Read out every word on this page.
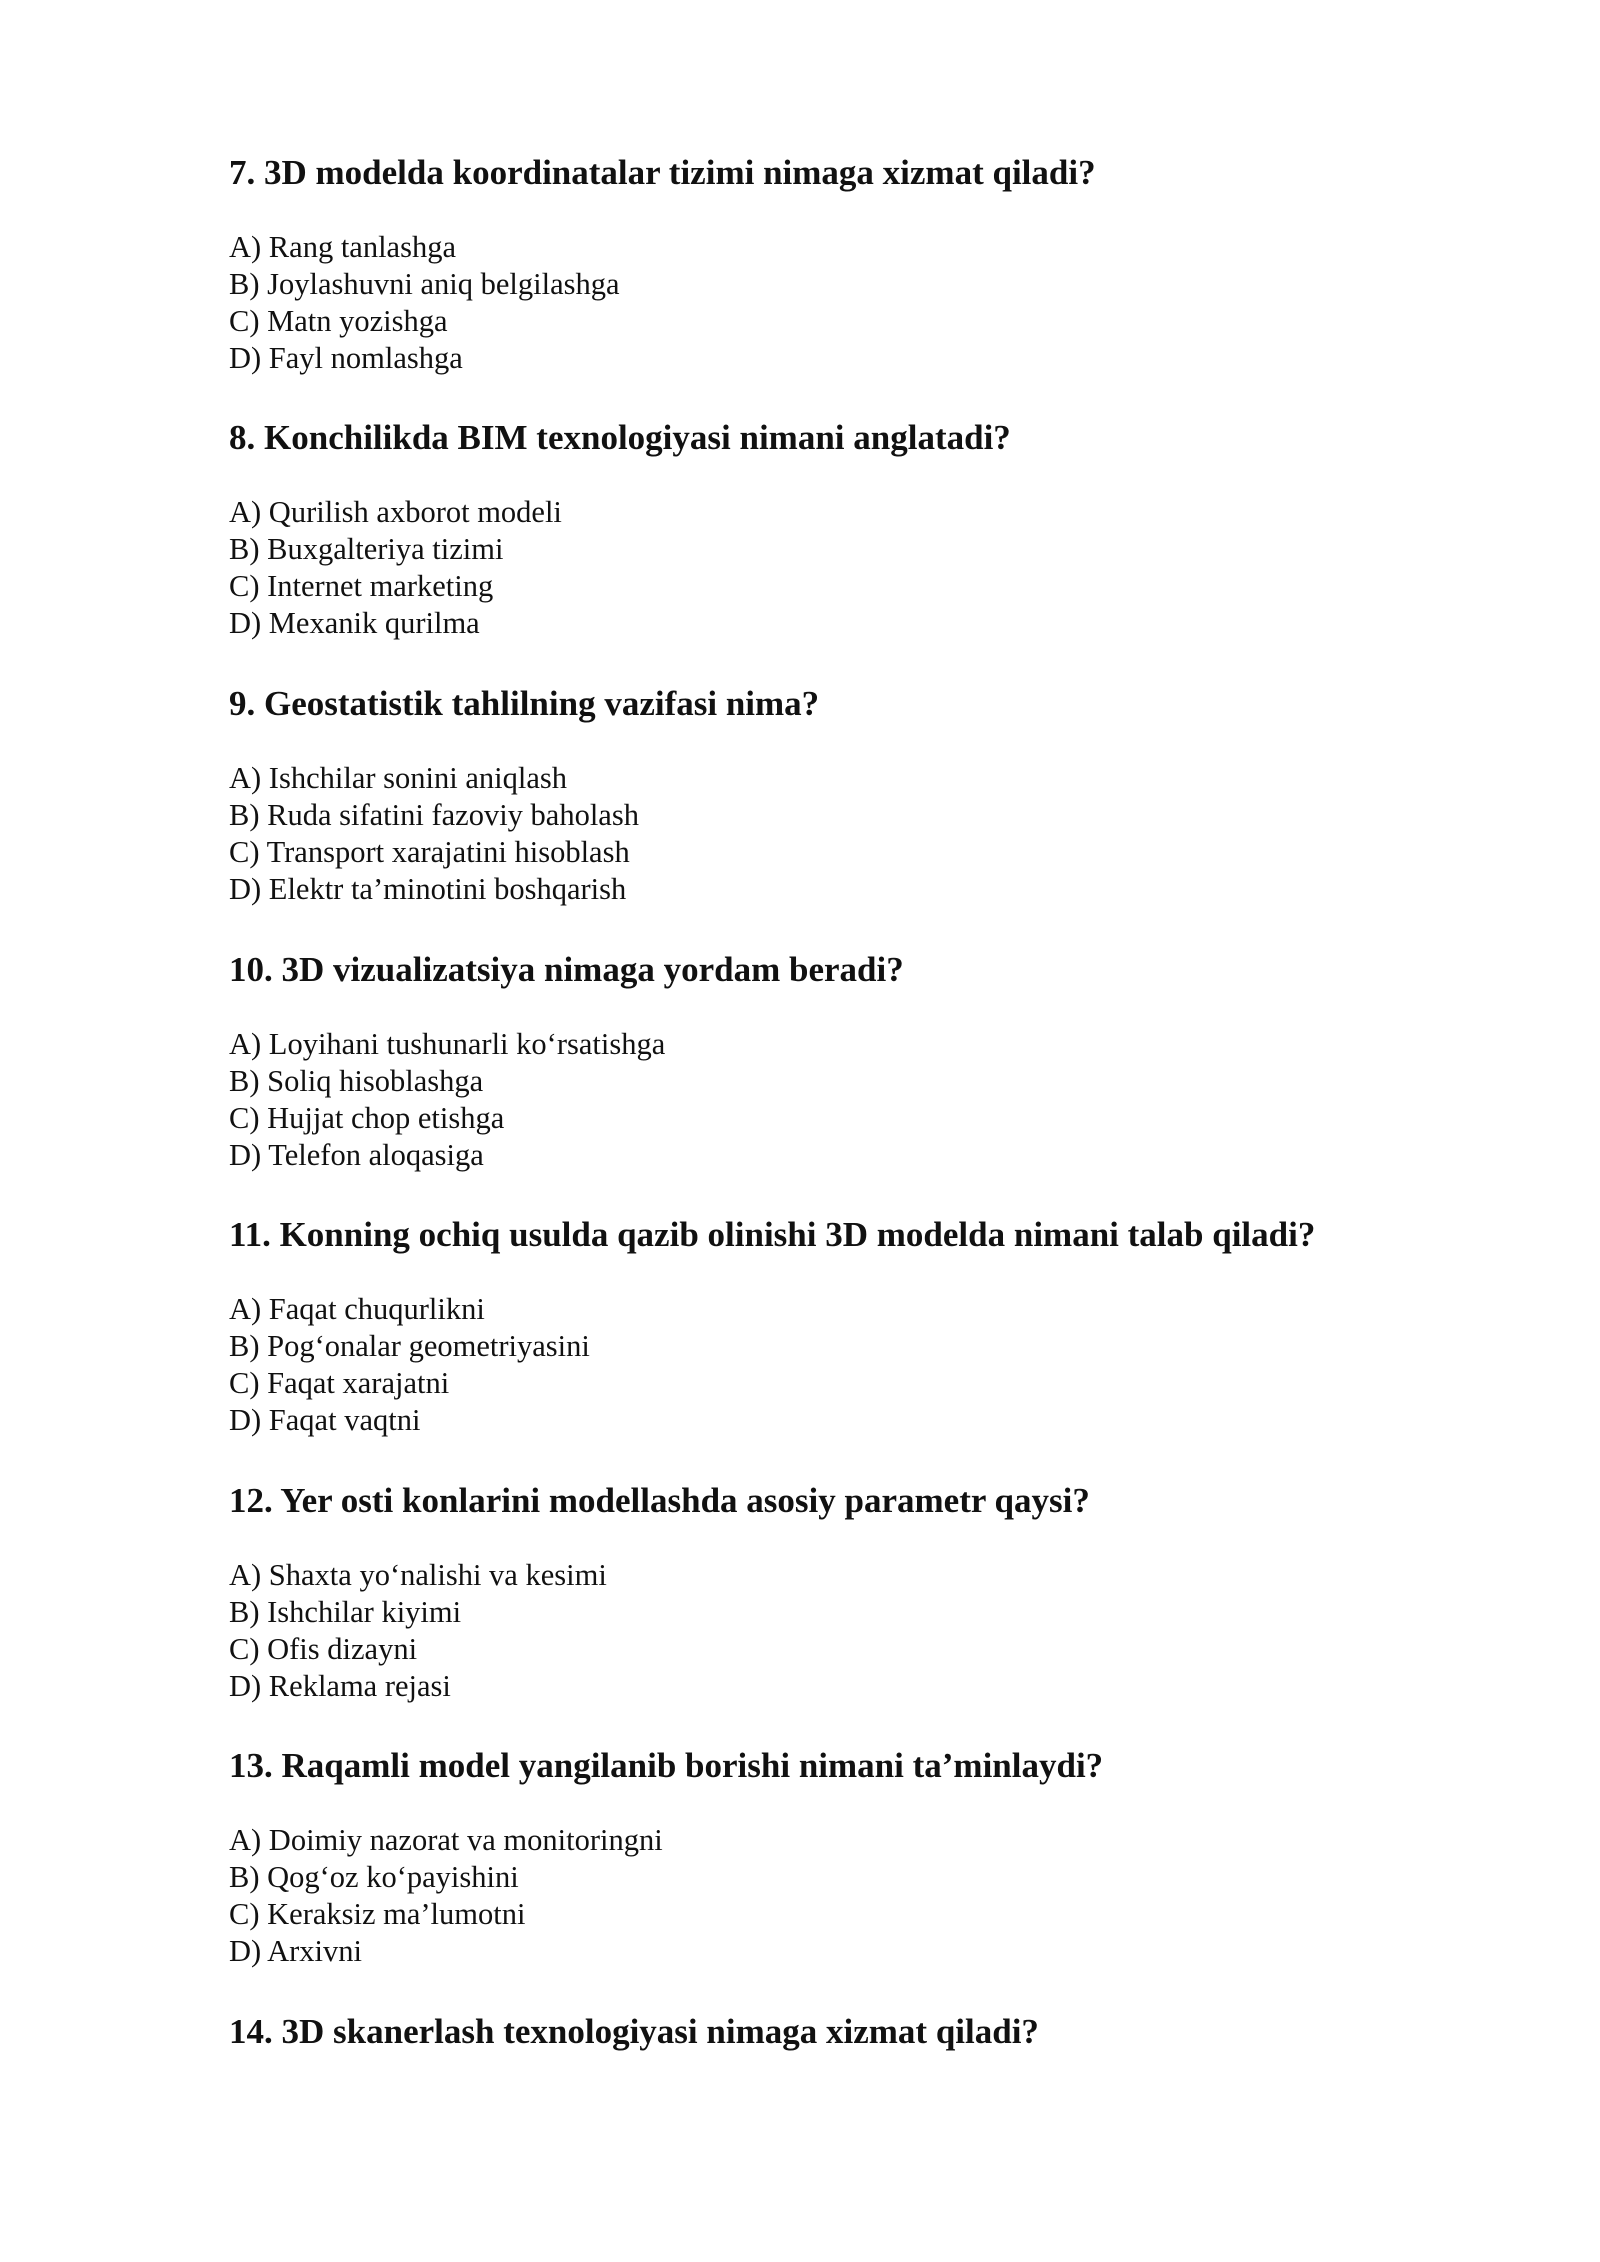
7. 3D modelda koordinatalar tizimi nimaga xizmat qiladi?
A) Rang tanlashga
B) Joylashuvni aniq belgilashga
C) Matn yozishga
D) Fayl nomlashga
8. Konchilikda BIM texnologiyasi nimani anglatadi?
A) Qurilish axborot modeli
B) Buxgalteriya tizimi
C) Internet marketing
D) Mexanik qurilma
9. Geostatistik tahlilning vazifasi nima?
A) Ishchilar sonini aniqlash
B) Ruda sifatini fazoviy baholash
C) Transport xarajatini hisoblash
D) Elektr ta’minotini boshqarish
10. 3D vizualizatsiya nimaga yordam beradi?
A) Loyihani tushunarli ko‘rsatishga
B) Soliq hisoblashga
C) Hujjat chop etishga
D) Telefon aloqasiga
11. Konning ochiq usulda qazib olinishi 3D modelda nimani talab qiladi?
A) Faqat chuqurlikni
B) Pog‘onalar geometriyasini
C) Faqat xarajatni
D) Faqat vaqtni
12. Yer osti konlarini modellashda asosiy parametr qaysi?
A) Shaxta yo‘nalishi va kesimi
B) Ishchilar kiyimi
C) Ofis dizayni
D) Reklama rejasi
13. Raqamli model yangilanib borishi nimani ta’minlaydi?
A) Doimiy nazorat va monitoringni
B) Qog‘oz ko‘payishini
C) Keraksiz ma’lumotni
D) Arxivni
14. 3D skanerlash texnologiyasi nimaga xizmat qiladi?
